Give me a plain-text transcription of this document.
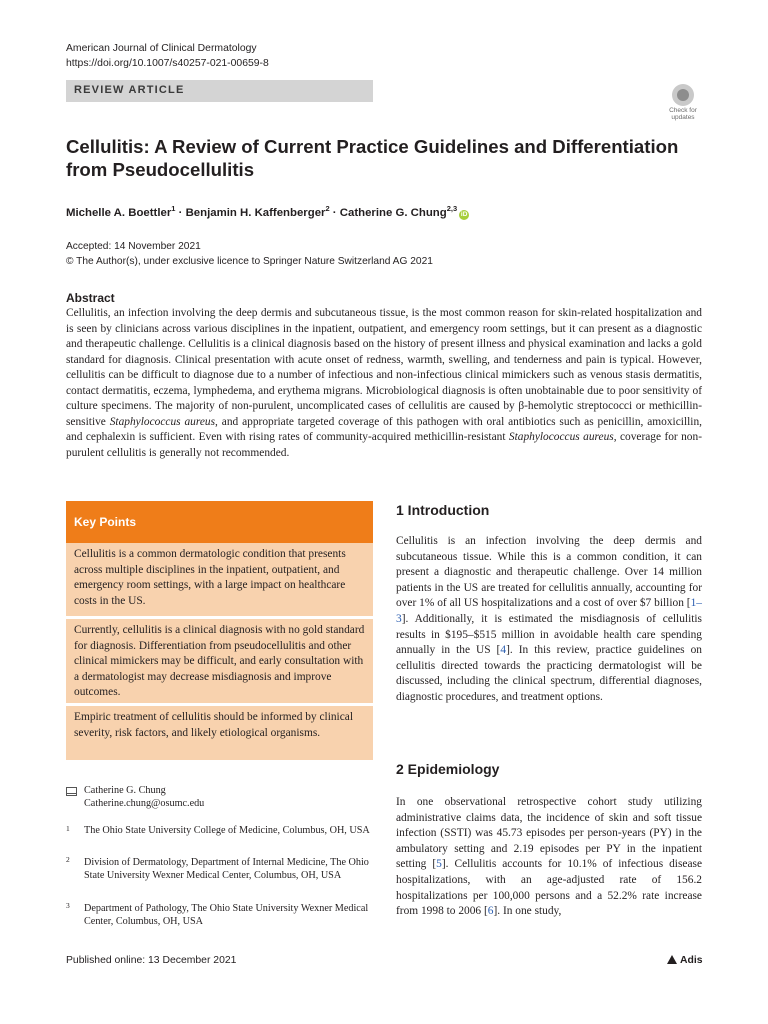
American Journal of Clinical Dermatology
https://doi.org/10.1007/s40257-021-00659-8
REVIEW ARTICLE
Check for
updates
Cellulitis: A Review of Current Practice Guidelines and Differentiation from Pseudocellulitis
Michelle A. Boettler$^1$ · Benjamin H. Kaffenberger$^2$ · Catherine G. Chung$^{2,3}$iD
Accepted: 14 November 2021
© The Author(s), under exclusive licence to Springer Nature Switzerland AG 2021
Abstract
Cellulitis, an infection involving the deep dermis and subcutaneous tissue, is the most common reason for skin-related hospitalization and is seen by clinicians across various disciplines in the inpatient, outpatient, and emergency room settings, but it can present as a diagnostic and therapeutic challenge. Cellulitis is a clinical diagnosis based on the history of present illness and physical examination and lacks a gold standard for diagnosis. Clinical presentation with acute onset of redness, warmth, swelling, and tenderness and pain is typical. However, cellulitis can be difficult to diagnose due to a number of infectious and non-infectious clinical mimickers such as venous stasis dermatitis, contact dermatitis, eczema, lymphedema, and erythema migrans. Microbiological diagnosis is often unobtainable due to poor sensitivity of culture specimens. The majority of non-purulent, uncomplicated cases of cellulitis are caused by β-hemolytic streptococci or methicillin-sensitive Staphylococcus aureus, and appropriate targeted coverage of this pathogen with oral antibiotics such as penicillin, amoxicillin, and cephalexin is sufficient. Even with rising rates of community-acquired methicillin-resistant Staphylococcus aureus, coverage for non-purulent cellulitis is generally not recommended.
Key Points
Cellulitis is a common dermatologic condition that presents across multiple disciplines in the inpatient, outpatient, and emergency room settings, with a large impact on healthcare costs in the US.
Currently, cellulitis is a clinical diagnosis with no gold standard for diagnosis. Differentiation from pseudocellulitis and other clinical mimickers may be difficult, and early consultation with a dermatologist may decrease misdiagnosis and improve outcomes.
Empiric treatment of cellulitis should be informed by clinical severity, risk factors, and likely etiological organisms.
Catherine G. Chung
Catherine.chung@osumc.edu
1 The Ohio State University College of Medicine, Columbus, OH, USA
2 Division of Dermatology, Department of Internal Medicine, The Ohio State University Wexner Medical Center, Columbus, OH, USA
3 Department of Pathology, The Ohio State University Wexner Medical Center, Columbus, OH, USA
1 Introduction
Cellulitis is an infection involving the deep dermis and subcutaneous tissue. While this is a common condition, it can present a diagnostic and therapeutic challenge. Over 14 million patients in the US are treated for cellulitis annually, accounting for over 1% of all US hospitalizations and a cost of over $7 billion [1–3]. Additionally, it is estimated the misdiagnosis of cellulitis results in $195–$515 million in avoidable health care spending annually in the US [4]. In this review, practice guidelines on cellulitis directed towards the practicing dermatologist will be discussed, including the clinical spectrum, differential diagnoses, diagnostic procedures, and treatment options.
2 Epidemiology
In one observational retrospective cohort study utilizing administrative claims data, the incidence of skin and soft tissue infection (SSTI) was 45.73 episodes per person-years (PY) in the ambulatory setting and 2.19 episodes per PY in the inpatient setting [5]. Cellulitis accounts for 10.1% of infectious disease hospitalizations, with an age-adjusted rate of 156.2 hospitalizations per 100,000 persons and a 52.2% rate increase from 1998 to 2006 [6]. In one study,
Published online: 13 December 2021	Adis
